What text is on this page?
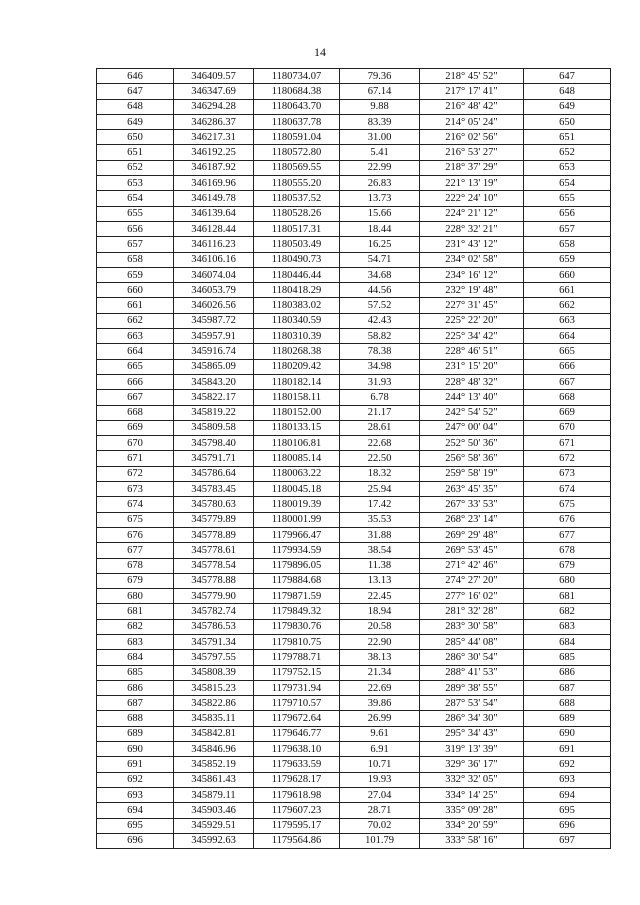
14
646	346409.57	1180734.07	79.36	218° 45' 52"	647
647	346347.69	1180684.38	67.14	217° 17' 41"	648
648	346294.28	1180643.70	9.88	216° 48' 42"	649
649	346286.37	1180637.78	83.39	214° 05' 24"	650
650	346217.31	1180591.04	31.00	216° 02' 56"	651
651	346192.25	1180572.80	5.41	216° 53' 27"	652
652	346187.92	1180569.55	22.99	218° 37' 29"	653
653	346169.96	1180555.20	26.83	221° 13' 19"	654
654	346149.78	1180537.52	13.73	222° 24' 10"	655
655	346139.64	1180528.26	15.66	224° 21' 12"	656
656	346128.44	1180517.31	18.44	228° 32' 21"	657
657	346116.23	1180503.49	16.25	231° 43' 12"	658
658	346106.16	1180490.73	54.71	234° 02' 58"	659
659	346074.04	1180446.44	34.68	234° 16' 12"	660
660	346053.79	1180418.29	44.56	232° 19' 48"	661
661	346026.56	1180383.02	57.52	227° 31' 45"	662
662	345987.72	1180340.59	42.43	225° 22' 20"	663
663	345957.91	1180310.39	58.82	225° 34' 42"	664
664	345916.74	1180268.38	78.38	228° 46' 51"	665
665	345865.09	1180209.42	34.98	231° 15' 20"	666
666	345843.20	1180182.14	31.93	228° 48' 32"	667
667	345822.17	1180158.11	6.78	244° 13' 40"	668
668	345819.22	1180152.00	21.17	242° 54' 52"	669
669	345809.58	1180133.15	28.61	247° 00' 04"	670
670	345798.40	1180106.81	22.68	252° 50' 36"	671
671	345791.71	1180085.14	22.50	256° 58' 36"	672
672	345786.64	1180063.22	18.32	259° 58' 19"	673
673	345783.45	1180045.18	25.94	263° 45' 35"	674
674	345780.63	1180019.39	17.42	267° 33' 53"	675
675	345779.89	1180001.99	35.53	268° 23' 14"	676
676	345778.89	1179966.47	31.88	269° 29' 48"	677
677	345778.61	1179934.59	38.54	269° 53' 45"	678
678	345778.54	1179896.05	11.38	271° 42' 46"	679
679	345778.88	1179884.68	13.13	274° 27' 20"	680
680	345779.90	1179871.59	22.45	277° 16' 02"	681
681	345782.74	1179849.32	18.94	281° 32' 28"	682
682	345786.53	1179830.76	20.58	283° 30' 58"	683
683	345791.34	1179810.75	22.90	285° 44' 08"	684
684	345797.55	1179788.71	38.13	286° 30' 54"	685
685	345808.39	1179752.15	21.34	288° 41' 53"	686
686	345815.23	1179731.94	22.69	289° 38' 55"	687
687	345822.86	1179710.57	39.86	287° 53' 54"	688
688	345835.11	1179672.64	26.99	286° 34' 30"	689
689	345842.81	1179646.77	9.61	295° 34' 43"	690
690	345846.96	1179638.10	6.91	319° 13' 39"	691
691	345852.19	1179633.59	10.71	329° 36' 17"	692
692	345861.43	1179628.17	19.93	332° 32' 05"	693
693	345879.11	1179618.98	27.04	334° 14' 25"	694
694	345903.46	1179607.23	28.71	335° 09' 28"	695
695	345929.51	1179595.17	70.02	334° 20' 59"	696
696	345992.63	1179564.86	101.79	333° 58' 16"	697
